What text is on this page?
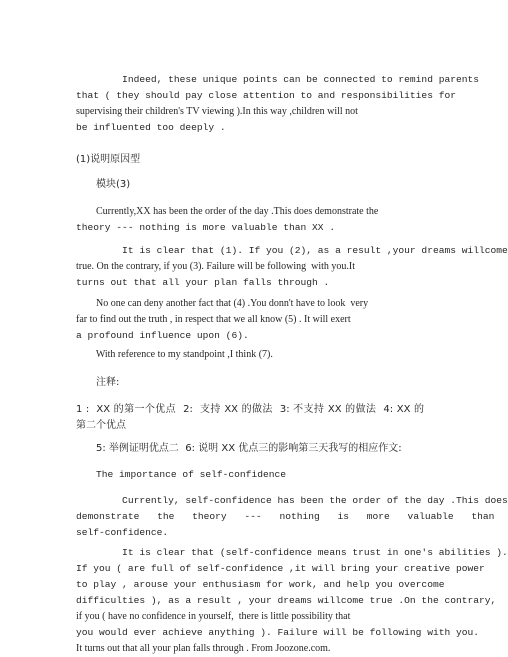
Indeed, these unique points can be connected to remind parents
that ( they should pay close attention to and responsibilities for
supervising their children's TV viewing ).In this way ,children will not
be influented too deeply .
(1)说明原因型
模块(3)
Currently,XX has been the order of the day .This does demonstrate the
theory --- nothing is more valuable than XX .
It is clear that (1). If you (2), as a result ,your dreams willcome
true. On the contrary, if you (3). Failure will be following  with you.It
turns out that all your plan falls through .
No one can deny another fact that (4) .You donn't have to look  very
far to find out the truth , in respect that we all know (5) . It will exert
a profound influence upon (6).
With reference to my standpoint ,I think (7).
注释:
1 :  XX 的第一个优点  2:  支持 XX 的做法  3: 不支持 XX 的做法  4: XX 的
第二个优点
5: 举例证明优点二  6: 说明 XX 优点三的影响第三天我写的相应作文:
The importance of self-confidence
Currently, self-confidence has been the order of the day .This does
demonstrate the theory --- nothing is more valuable than
self-confidence.
It is clear that (self-confidence means trust in one's abilities ).
If you ( are full of self-confidence ,it will bring your creative power
to play , arouse your enthusiasm for work, and help you overcome
difficulties ), as a result , your dreams willcome true .On the contrary,
if you ( have no confidence in yourself,  there is little possibility that
you would ever achieve anything ). Failure will be following with you.
It turns out that all your plan falls through . From Joozone.com.
